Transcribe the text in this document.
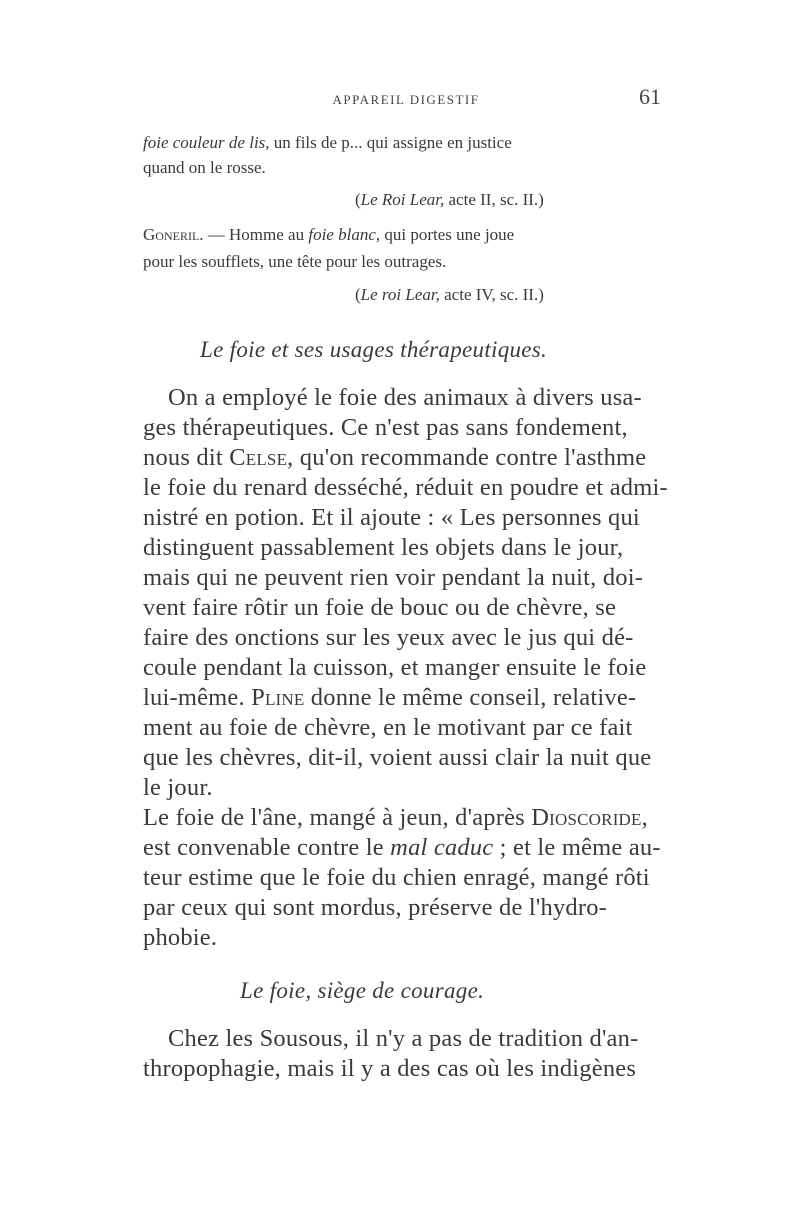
APPAREIL DIGESTIF	61
foie couleur de lis, un fils de p... qui assigne en justice
quand on le rosse.
(Le Roi Lear, acte II, sc. II.)
Goneril. — Homme au foie blanc, qui portes une joue
pour les soufflets, une tête pour les outrages.
(Le roi Lear, acte IV, sc. II.)
Le foie et ses usages thérapeutiques.
On a employé le foie des animaux à divers usa-
ges thérapeutiques. Ce n'est pas sans fondement,
nous dit Celse, qu'on recommande contre l'asthme
le foie du renard desséché, réduit en poudre et admi-
nistré en potion. Et il ajoute : « Les personnes qui
distinguent passablement les objets dans le jour,
mais qui ne peuvent rien voir pendant la nuit, doi-
vent faire rôtir un foie de bouc ou de chèvre, se
faire des onctions sur les yeux avec le jus qui dé-
coule pendant la cuisson, et manger ensuite le foie
lui-même. Pline donne le même conseil, relative-
ment au foie de chèvre, en le motivant par ce fait
que les chèvres, dit-il, voient aussi clair la nuit que
le jour.
Le foie de l'âne, mangé à jeun, d'après Dioscoride,
est convenable contre le mal caduc ; et le même au-
teur estime que le foie du chien enragé, mangé rôti
par ceux qui sont mordus, préserve de l'hydro-
phobie.
Le foie, siège de courage.
Chez les Sousous, il n'y a pas de tradition d'an-
thropophagie, mais il y a des cas où les indigènes
